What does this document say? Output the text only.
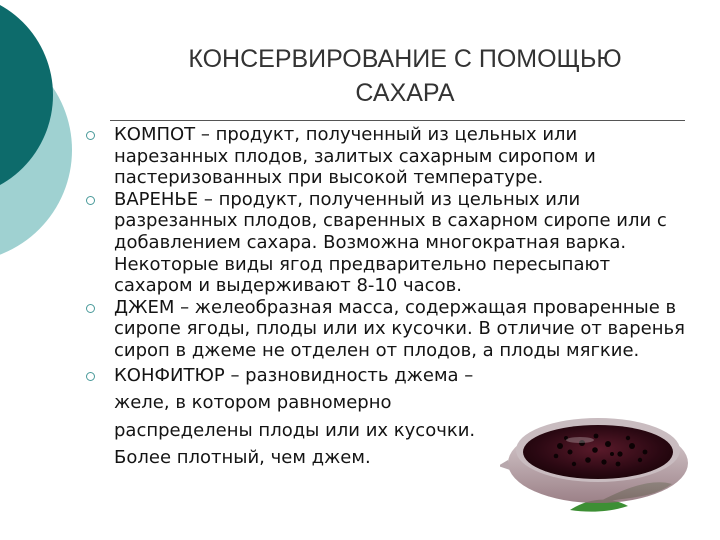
КОНСЕРВИРОВАНИЕ С ПОМОЩЬЮ
САХАРА
КОМПОТ – продукт, полученный из цельных или нарезанных плодов, залитых сахарным сиропом и пастеризованных при высокой температуре.
ВАРЕНЬЕ – продукт, полученный из цельных или разрезанных плодов, сваренных в сахарном сиропе или с добавлением сахара. Возможна многократная варка. Некоторые виды ягод предварительно пересыпают сахаром и выдерживают 8-10 часов.
ДЖЕМ – желеобразная масса, содержащая проваренные в сиропе ягоды, плоды или их кусочки. В отличие от варенья сироп в джеме не отделен от плодов, а плоды мягкие.
КОНФИТЮР – разновидность джема – желе, в котором равномерно распределены плоды или их кусочки. Более плотный, чем джем.
